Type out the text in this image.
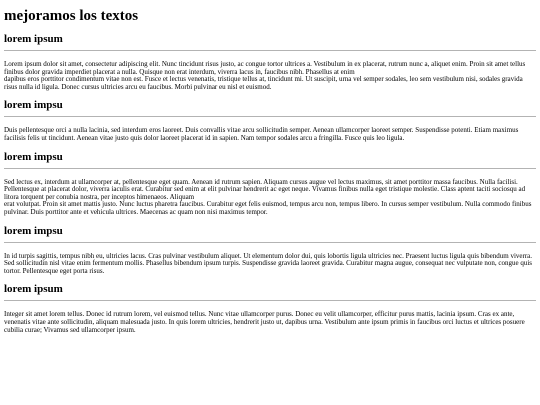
mejoramos los textos
lorem ipsum

Lorem ipsum dolor sit amet, consectetur adipiscing elit. Nunc tincidunt risus justo, ac congue tortor ultrices a. Vestibulum in ex placerat, rutrum nunc a, aliquet enim. Proin sit amet tellus finibus dolor gravida imperdiet placerat a nulla. Quisque non erat interdum, viverra lacus in, faucibus nibh. Phasellus at enim

dapibus eros porttitor condimentum vitae non est. Fusce et lectus venenatis, tristique tellus at, tincidunt mi. Ut suscipit, urna vel semper sodales, leo sem vestibulum nisi, sodales gravida risus nulla id ligula. Donec cursus ultricies arcu eu faucibus. Morbi pulvinar eu nisl et euismod.

lorem impsu

Duis pellentesque orci a nulla lacinia, sed interdum eros laoreet. Duis convallis vitae arcu sollicitudin semper. Aenean ullamcorper laoreet semper. Suspendisse potenti. Etiam maximus facilisis felis ut tincidunt. Aenean vitae justo quis dolor laoreet placerat id in sapien. Nam tempor sodales arcu a fringilla. Fusce quis leo ligula.

lorem impsu

Sed lectus ex, interdum at ullamcorper at, pellentesque eget quam. Aenean id rutrum sapien. Aliquam cursus augue vel lectus maximus, sit amet porttitor massa faucibus. Nulla facilisi. Pellentesque at placerat dolor, viverra iaculis erat. Curabitur sed enim at elit pulvinar hendrerit ac eget neque. Vivamus finibus nulla eget tristique molestie. Class aptent taciti sociosqu ad litora torquent per conubia nostra, per inceptos himenaeos. Aliquam

erat volutpat. Proin sit amet mattis justo. Nunc luctus pharetra faucibus. Curabitur eget felis euismod, tempus arcu non, tempus libero. In cursus semper vestibulum. Nulla commodo finibus pulvinar. Duis porttitor ante et vehicula ultrices. Maecenas ac quam non nisi maximus tempor.

lorem impsu

In id turpis sagittis, tempus nibh eu, ultricies lacus. Cras pulvinar vestibulum aliquet. Ut elementum dolor dui, quis lobortis ligula ultricies nec. Praesent luctus ligula quis bibendum viverra. Sed sollicitudin nisl vitae enim fermentum mollis. Phasellus bibendum ipsum turpis. Suspendisse gravida laoreet gravida. Curabitur magna augue, consequat nec vulputate non, congue quis tortor. Pellentesque eget porta risus.

lorem ipsum

Integer sit amet lorem tellus. Donec id rutrum lorem, vel euismod tellus. Nunc vitae ullamcorper purus. Donec eu velit ullamcorper, efficitur purus mattis, lacinia ipsum. Cras ex ante, venenatis vitae ante sollicitudin, aliquam malesuada justo. In quis lorem ultricies, hendrerit justo ut, dapibus urna. Vestibulum ante ipsum primis in faucibus orci luctus et ultrices posuere cubilia curae; Vivamus sed ullamcorper ipsum.
